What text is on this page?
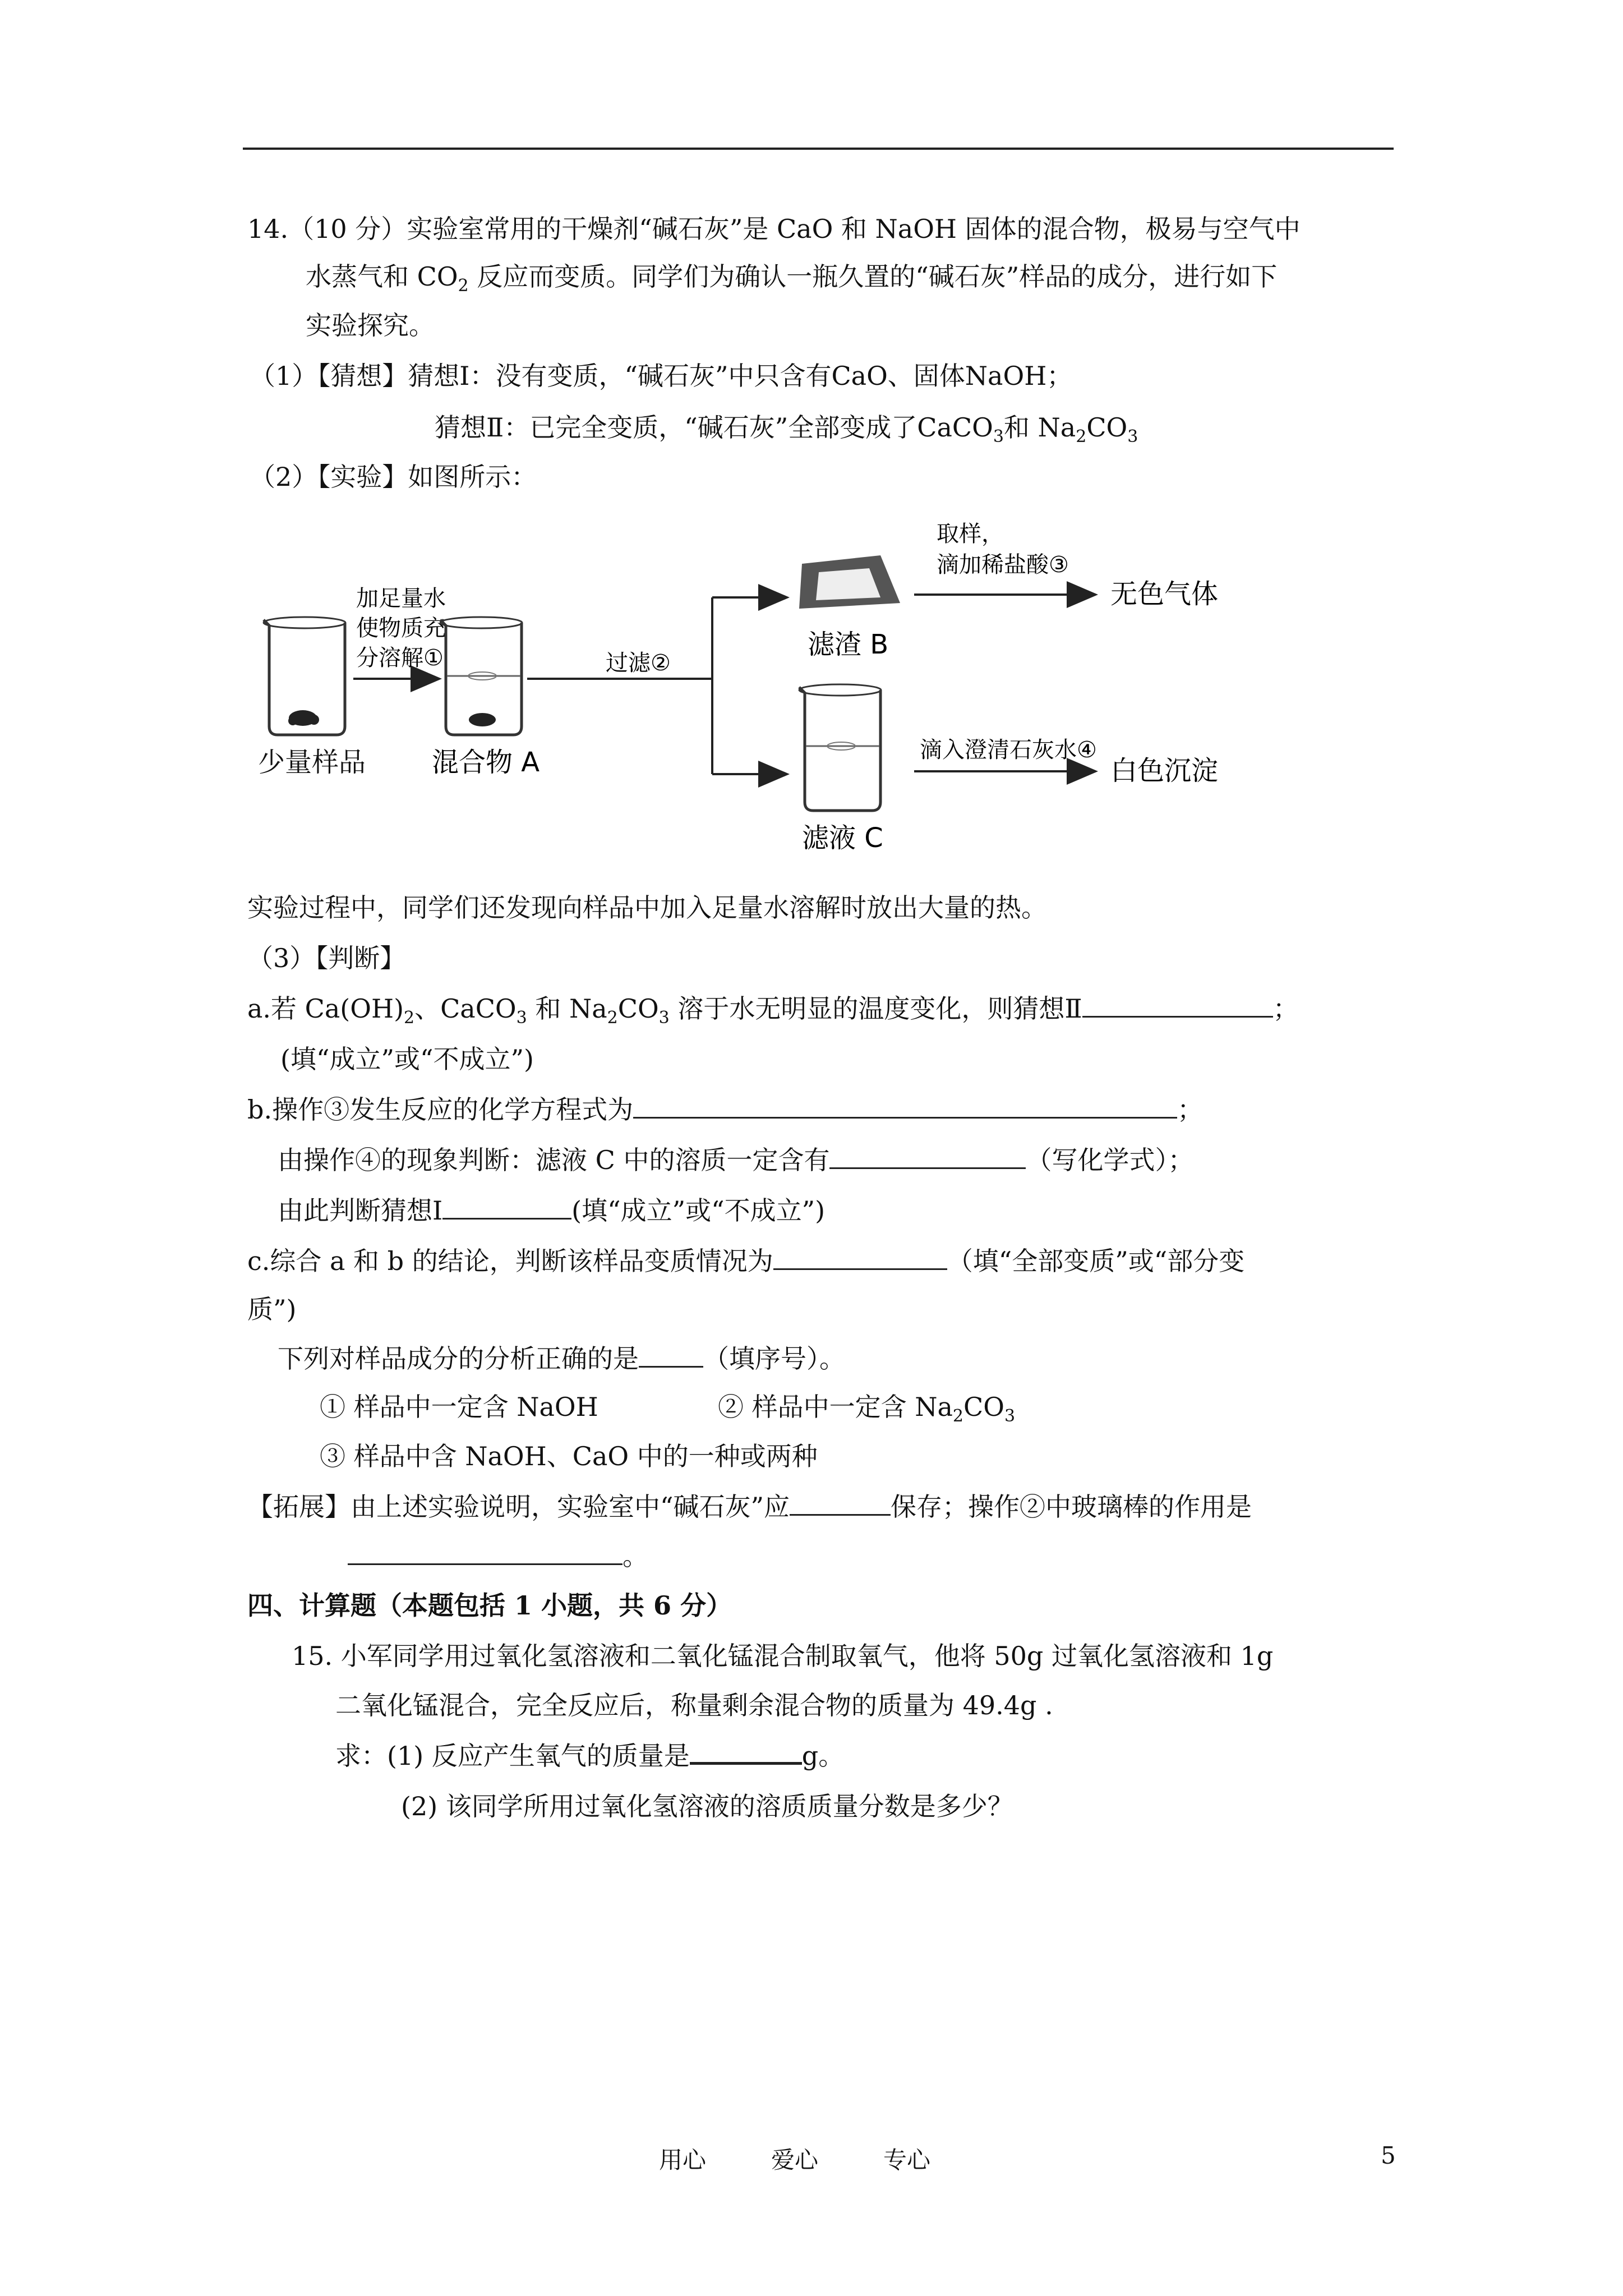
14.（10 分）实验室常用的干燥剂“碱石灰”是 CaO 和 NaOH 固体的混合物，极易与空气中
水蒸气和 $CO_2$ 反应而变质。同学们为确认一瓶久置的“碱石灰”样品的成分，进行如下
实验探究。
（1）【猜想】猜想Ⅰ：没有变质，“碱石灰”中只含有CaO、固体NaOH；
猜想Ⅱ：已完全变质，“碱石灰”全部变成了CaCO$_3$和 $Na_2CO_3$
（2）【实验】如图所示：
少量样品
加足量水
使物质充
分溶解①
混合物 A
过滤②
滤渣 B
取样，
滴加稀盐酸③
无色气体
滤液 C
滴入澄清石灰水④
白色沉淀
实验过程中，同学们还发现向样品中加入足量水溶解时放出大量的热。
（3）【判断】
a.若 $Ca(OH)_2$、CaCO$_3$ 和 $Na_2CO_3$ 溶于水无明显的温度变化，则猜想Ⅱ	；
(填“成立”或“不成立”)
b.操作③发生反应的化学方程式为	；
由操作④的现象判断：滤液 C 中的溶质一定含有	（写化学式）；
由此判断猜想Ⅰ	(填“成立”或“不成立”)
c.综合 a 和 b 的结论，判断该样品变质情况为	（填“全部变质”或“部分变
质”)
下列对样品成分的分析正确的是	（填序号）。
① 样品中一定含 NaOH	② 样品中一定含 $Na_2CO_3$
③ 样品中含 NaOH、CaO 中的一种或两种
【拓展】由上述实验说明，实验室中“碱石灰”应	保存；操作②中玻璃棒的作用是
。
四、计算题（本题包括 1 小题，共 6 分）
15. 小军同学用过氧化氢溶液和二氧化锰混合制取氧气，他将 50g 过氧化氢溶液和 1g
二氧化锰混合，完全反应后，称量剩余混合物的质量为 49.4g .
求：(1) 反应产生氧气的质量是	g。
(2) 该同学所用过氧化氢溶液的溶质质量分数是多少？
用心	爱心	专心	5
